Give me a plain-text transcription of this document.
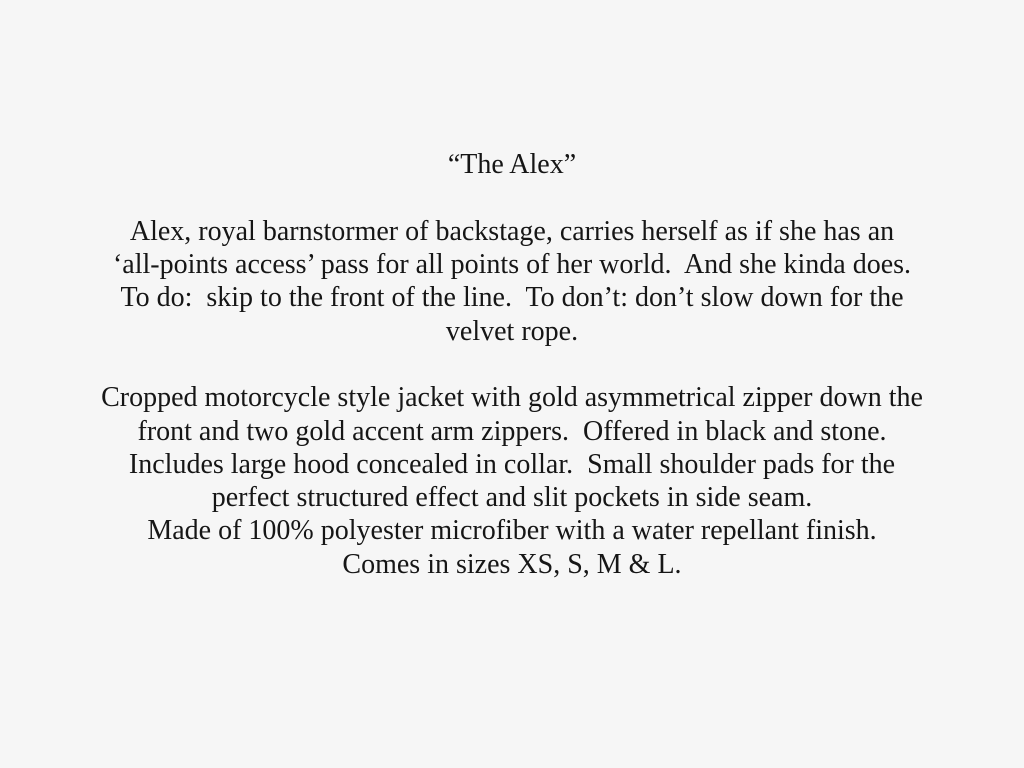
“The Alex”
Alex, royal barnstormer of backstage, carries herself as if she has an
‘all-points access’ pass for all points of her world.  And she kinda does.
To do:  skip to the front of the line.  To don’t: don’t slow down for the
velvet rope.
Cropped motorcycle style jacket with gold asymmetrical zipper down the
front and two gold accent arm zippers.  Offered in black and stone.
Includes large hood concealed in collar.  Small shoulder pads for the
perfect structured effect and slit pockets in side seam.
Made of 100% polyester microfiber with a water repellant finish.
Comes in sizes XS, S, M & L.
